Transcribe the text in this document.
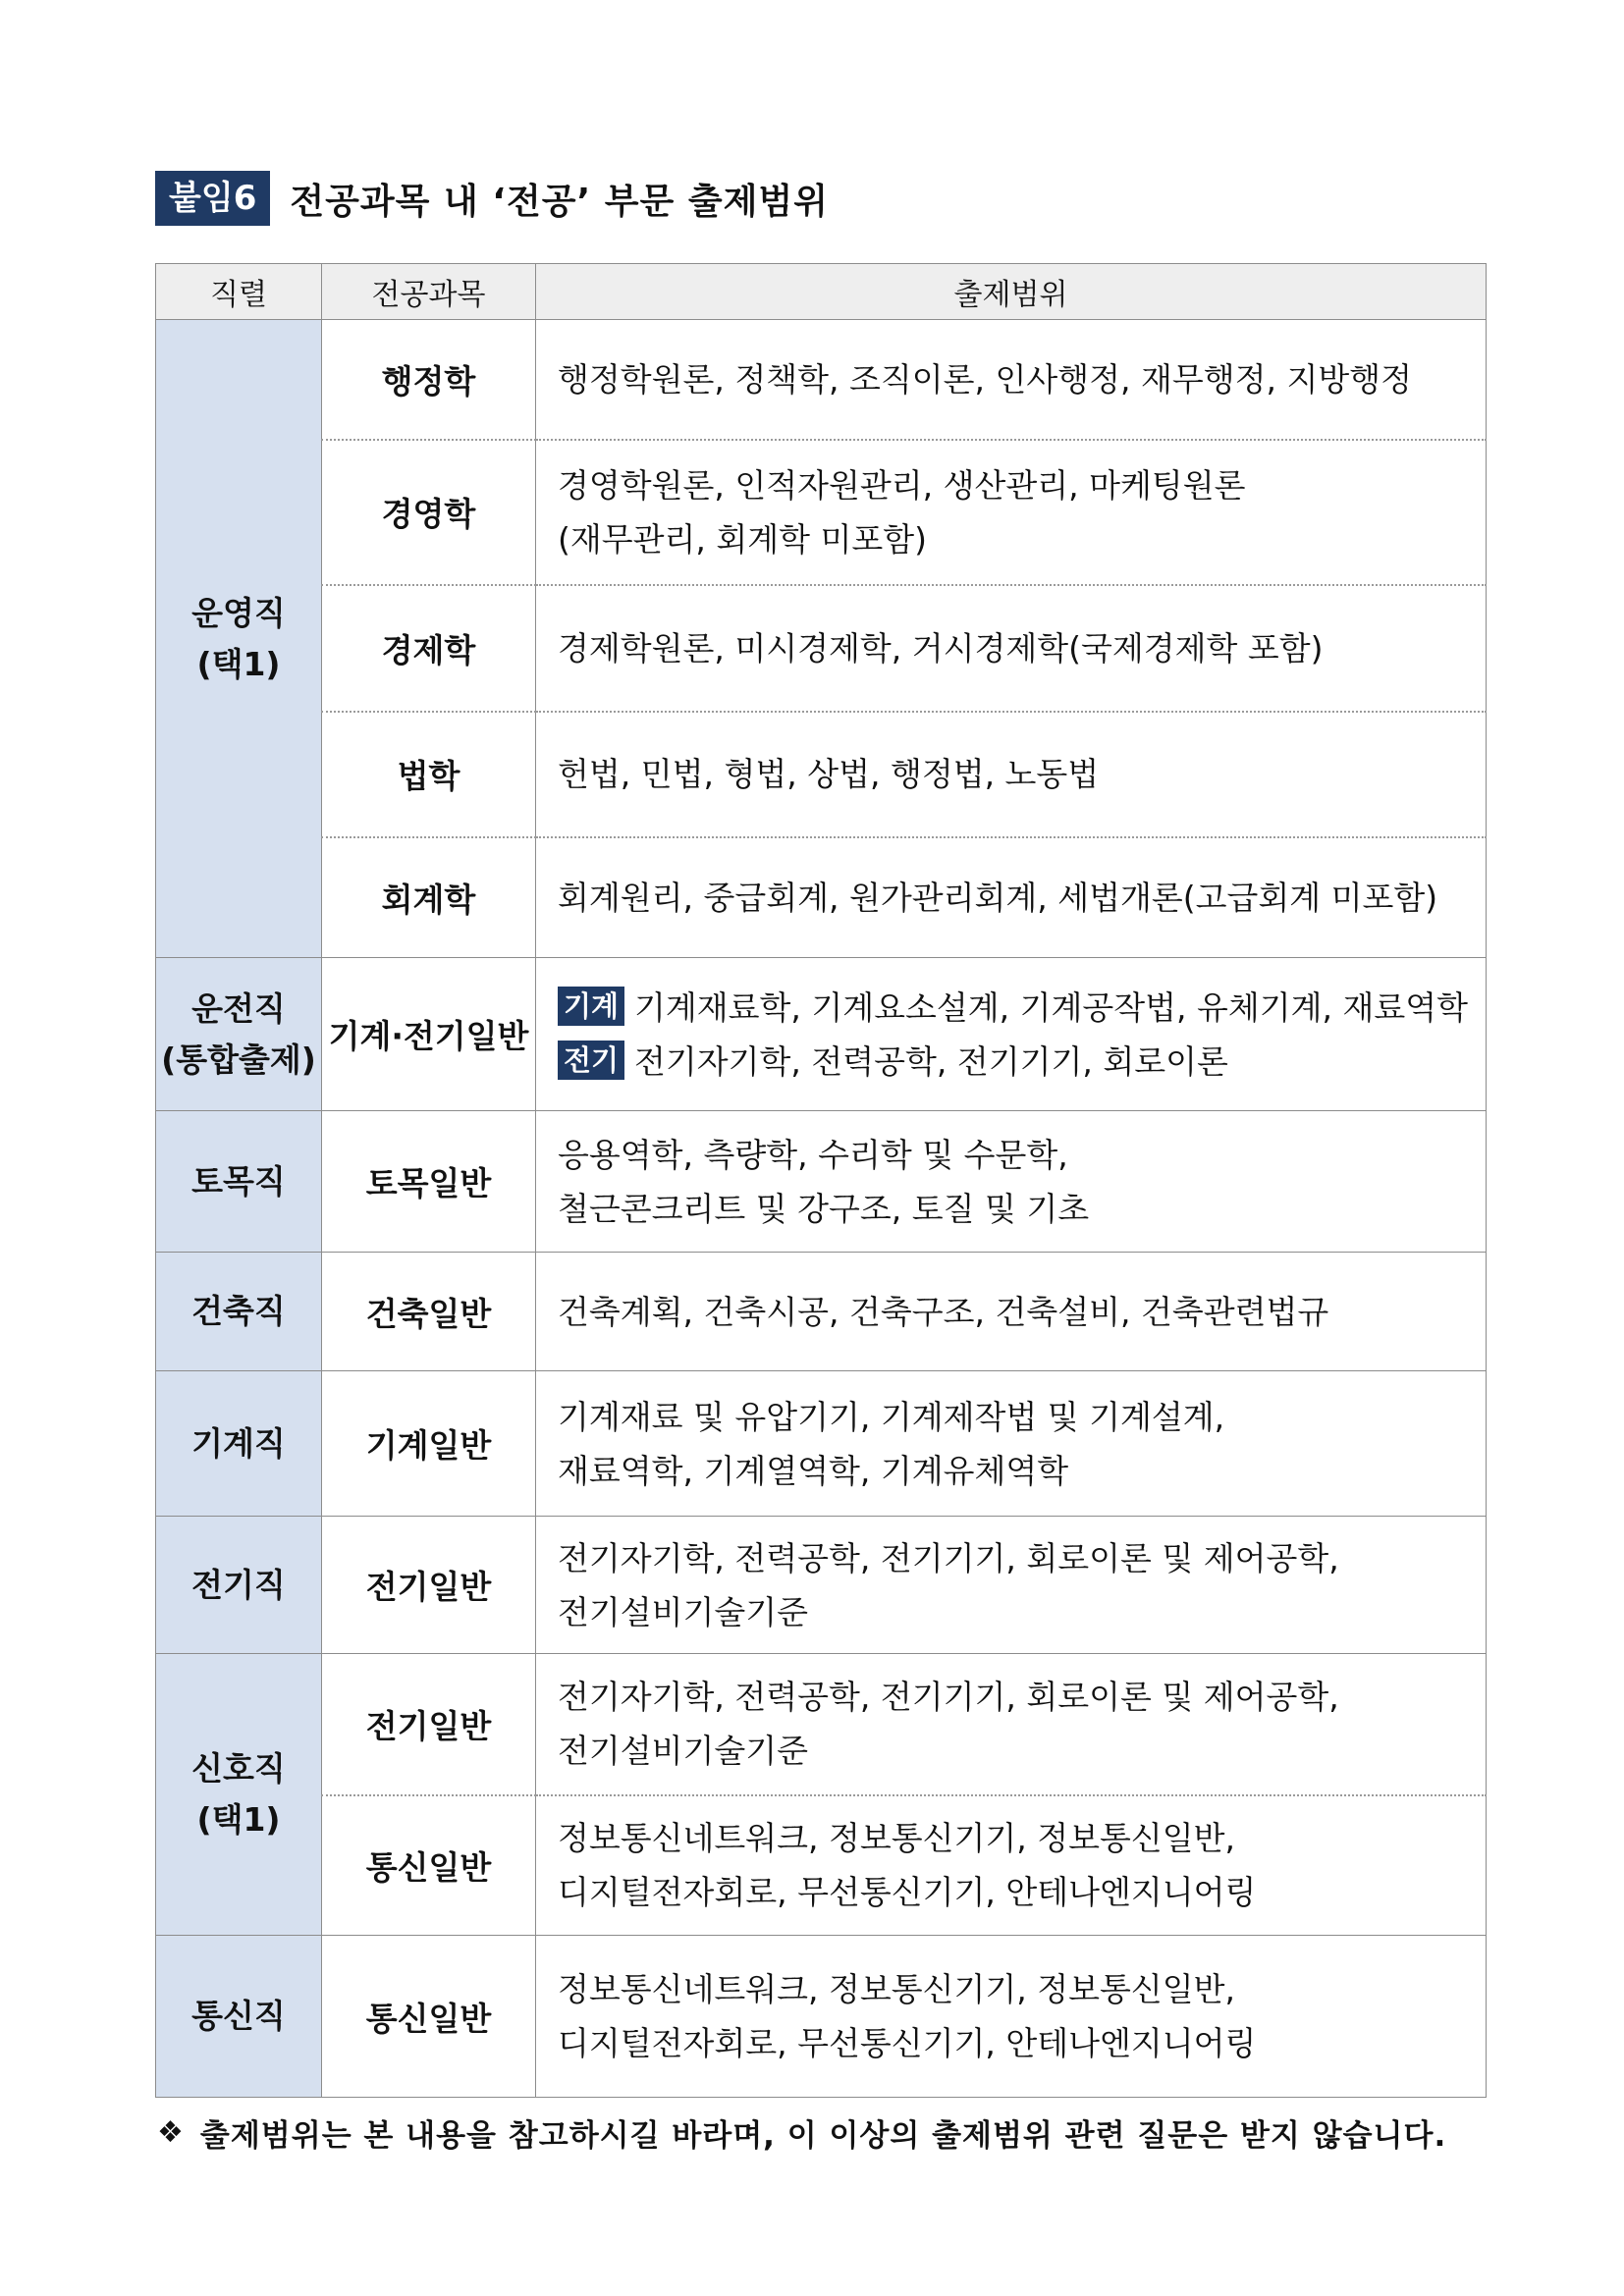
붙임6 전공과목 내 ‘전공’ 부문 출제범위
직렬	전공과목	출제범위

운영직
(택1)	행정학	행정학원론, 정책학, 조직이론, 인사행정, 재무행정, 지방행정

	경영학	경영학원론, 인적자원관리, 생산관리, 마케팅원론
(재무관리, 회계학 미포함)

	경제학	경제학원론, 미시경제학, 거시경제학(국제경제학 포함)

	법학	헌법, 민법, 형법, 상법, 행정법, 노동법

	회계학	회계원리, 중급회계, 원가관리회계, 세법개론(고급회계 미포함)

운전직
(통합출제)	기계·전기일반	기계 기계재료학, 기계요소설계, 기계공작법, 유체기계, 재료역학
전기 전기자기학, 전력공학, 전기기기, 회로이론

토목직	토목일반	응용역학, 측량학, 수리학 및 수문학,
철근콘크리트 및 강구조, 토질 및 기초

건축직	건축일반	건축계획, 건축시공, 건축구조, 건축설비, 건축관련법규

기계직	기계일반	기계재료 및 유압기기, 기계제작법 및 기계설계,
재료역학, 기계열역학, 기계유체역학

전기직	전기일반	전기자기학, 전력공학, 전기기기, 회로이론 및 제어공학,
전기설비기술기준

신호직
(택1)	전기일반	전기자기학, 전력공학, 전기기기, 회로이론 및 제어공학,
전기설비기술기준

	통신일반	정보통신네트워크, 정보통신기기, 정보통신일반,
디지털전자회로, 무선통신기기, 안테나엔지니어링

통신직	통신일반	정보통신네트워크, 정보통신기기, 정보통신일반,
디지털전자회로, 무선통신기기, 안테나엔지니어링
❖ 출제범위는 본 내용을 참고하시길 바라며, 이 이상의 출제범위 관련 질문은 받지 않습니다.
